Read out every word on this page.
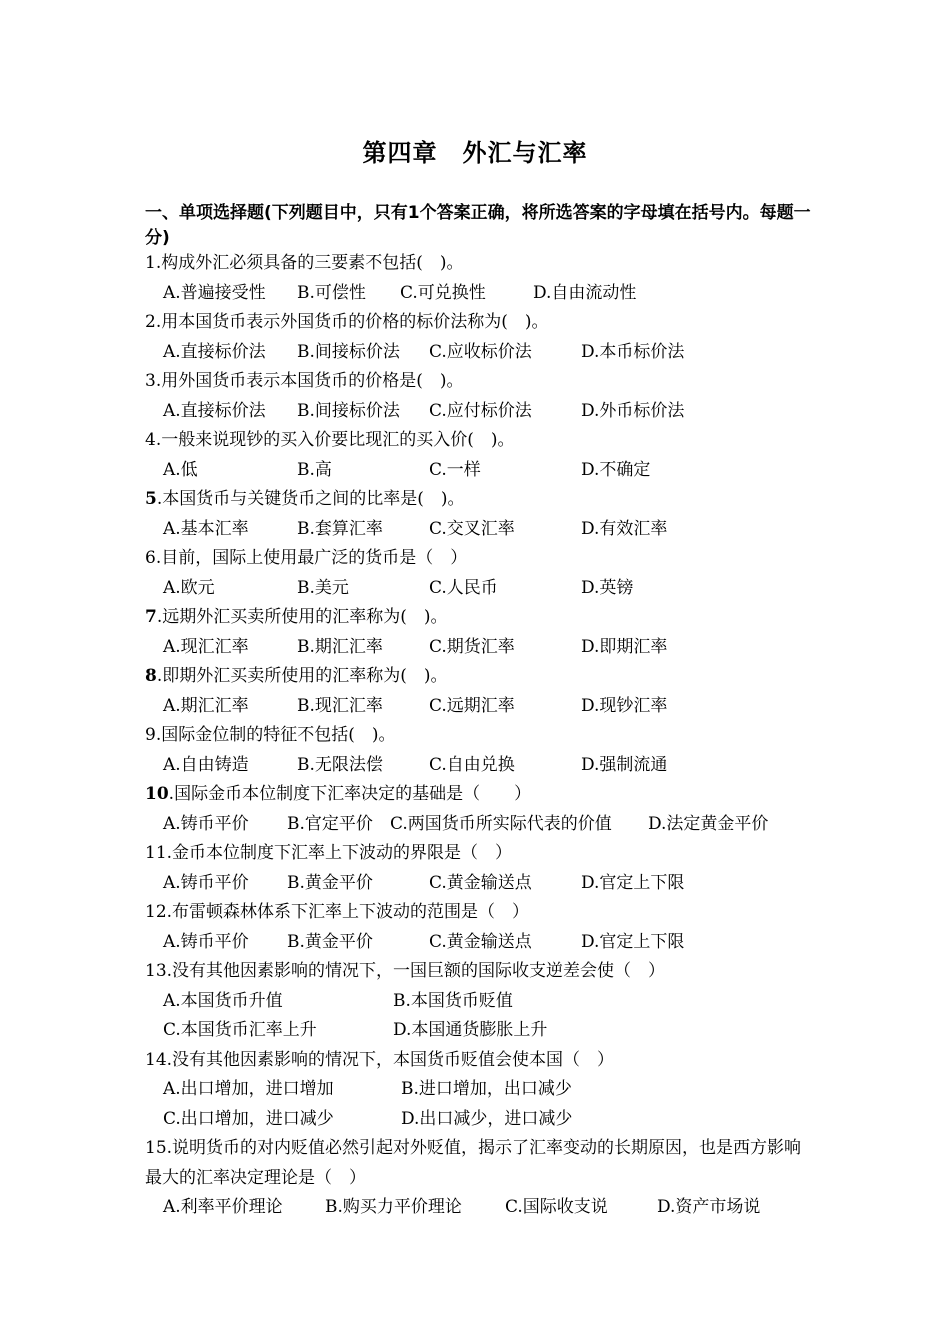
第四章　外汇与汇率
一、单项选择题(下列题目中，只有1个答案正确，将所选答案的字母填在括号内。每题一分)
1.构成外汇必须具备的三要素不包括(　)。
A.普遍接受性 B.可偿性 C.可兑换性	D.自由流动性
2.用本国货币表示外国货币的价格的标价法称为(　)。
A.直接标价法 B.间接标价法 C.应收标价法	D.本币标价法
3.用外国货币表示本国货币的价格是(　)。
A.直接标价法 B.间接标价法 C.应付标价法	D.外币标价法
4.一般来说现钞的买入价要比现汇的买入价(　)。
A.低	B.高	C.一样	D.不确定
5.本国货币与关键货币之间的比率是(　)。
A.基本汇率	B.套算汇率	C.交叉汇率	D.有效汇率
6.目前，国际上使用最广泛的货币是（　）
A.欧元	B.美元	C.人民币	D.英镑
7.远期外汇买卖所使用的汇率称为(　)。
A.现汇汇率	B.期汇汇率	C.期货汇率	D.即期汇率
8.即期外汇买卖所使用的汇率称为(　)。
A.期汇汇率	B.现汇汇率	C.远期汇率	D.现钞汇率
9.国际金位制的特征不包括(　)。
A.自由铸造	B.无限法偿	C.自由兑换	D.强制流通
10.国际金币本位制度下汇率决定的基础是（　　）
A.铸币平价 B.官定平价 C.两国货币所实际代表的价值 D.法定黄金平价
11.金币本位制度下汇率上下波动的界限是（　）
A.铸币平价 B.黄金平价	C.黄金输送点	D.官定上下限
12.布雷顿森林体系下汇率上下波动的范围是（　）
A.铸币平价 B.黄金平价	C.黄金输送点	D.官定上下限
13.没有其他因素影响的情况下，一国巨额的国际收支逆差会使（　）
A.本国货币升值	B.本国货币贬值
C.本国货币汇率上升	D.本国通货膨胀上升
14.没有其他因素影响的情况下，本国货币贬值会使本国（　）
A.出口增加，进口增加	B.进口增加，出口减少
C.出口增加，进口减少	D.出口减少，进口减少
15.说明货币的对内贬值必然引起对外贬值，揭示了汇率变动的长期原因，也是西方影响最大的汇率决定理论是（　）
A.利率平价理论 B.购买力平价理论	C.国际收支说	D.资产市场说
